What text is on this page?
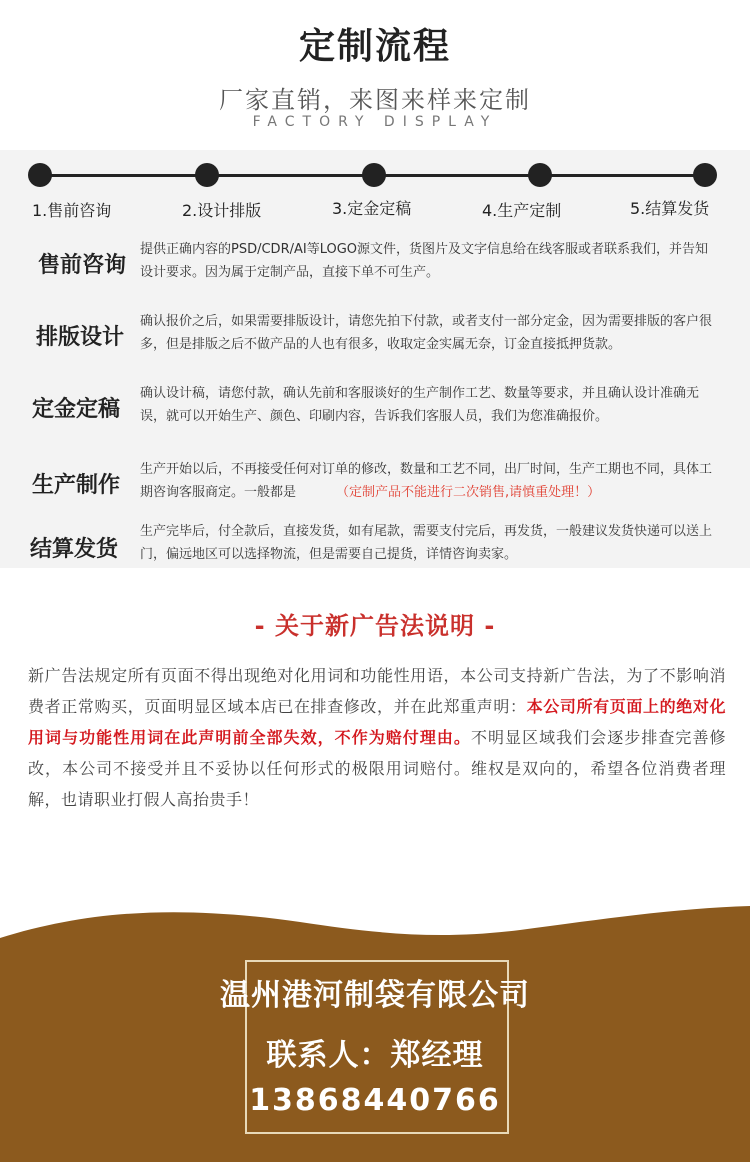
定制流程
厂家直销，来图来样来定制
FACTORY DISPLAY
1.售前咨询	2.设计排版	3.定金定稿	4.生产定制	5.结算发货
售前咨询
提供正确内容的PSD/CDR/AI等LOGO源文件，货图片及文字信息给在线客服或者联系我们，并告知设计要求。因为属于定制产品，直接下单不可生产。
排版设计
确认报价之后，如果需要排版设计，请您先拍下付款，或者支付一部分定金，因为需要排版的客户很多，但是排版之后不做产品的人也有很多，收取定金实属无奈，订金直接抵押货款。
定金定稿
确认设计稿，请您付款，确认先前和客服谈好的生产制作工艺、数量等要求，并且确认设计准确无误，就可以开始生产、颜色、印刷内容，告诉我们客服人员，我们为您准确报价。
生产制作
生产开始以后，不再接受任何对订单的修改，数量和工艺不同，出厂时间，生产工期也不同，具体工期咨询客服商定。一般都是	（定制产品不能进行二次销售,请慎重处理！）
结算发货
生产完毕后，付全款后，直接发货，如有尾款，需要支付完后，再发货，一般建议发货快递可以送上门，偏远地区可以选择物流，但是需要自己提货，详情咨询卖家。
- 关于新广告法说明 -
新广告法规定所有页面不得出现绝对化用词和功能性用语，本公司支持新广告法，为了不影响消费者正常购买，页面明显区域本店已在排查修改，并在此郑重声明：本公司所有页面上的绝对化用词与功能性用词在此声明前全部失效，不作为赔付理由。不明显区域我们会逐步排查完善修改，本公司不接受并且不妥协以任何形式的极限用词赔付。维权是双向的，希望各位消费者理解，也请职业打假人高抬贵手！
温州港河制袋有限公司
联系人：郑经理
13868440766
